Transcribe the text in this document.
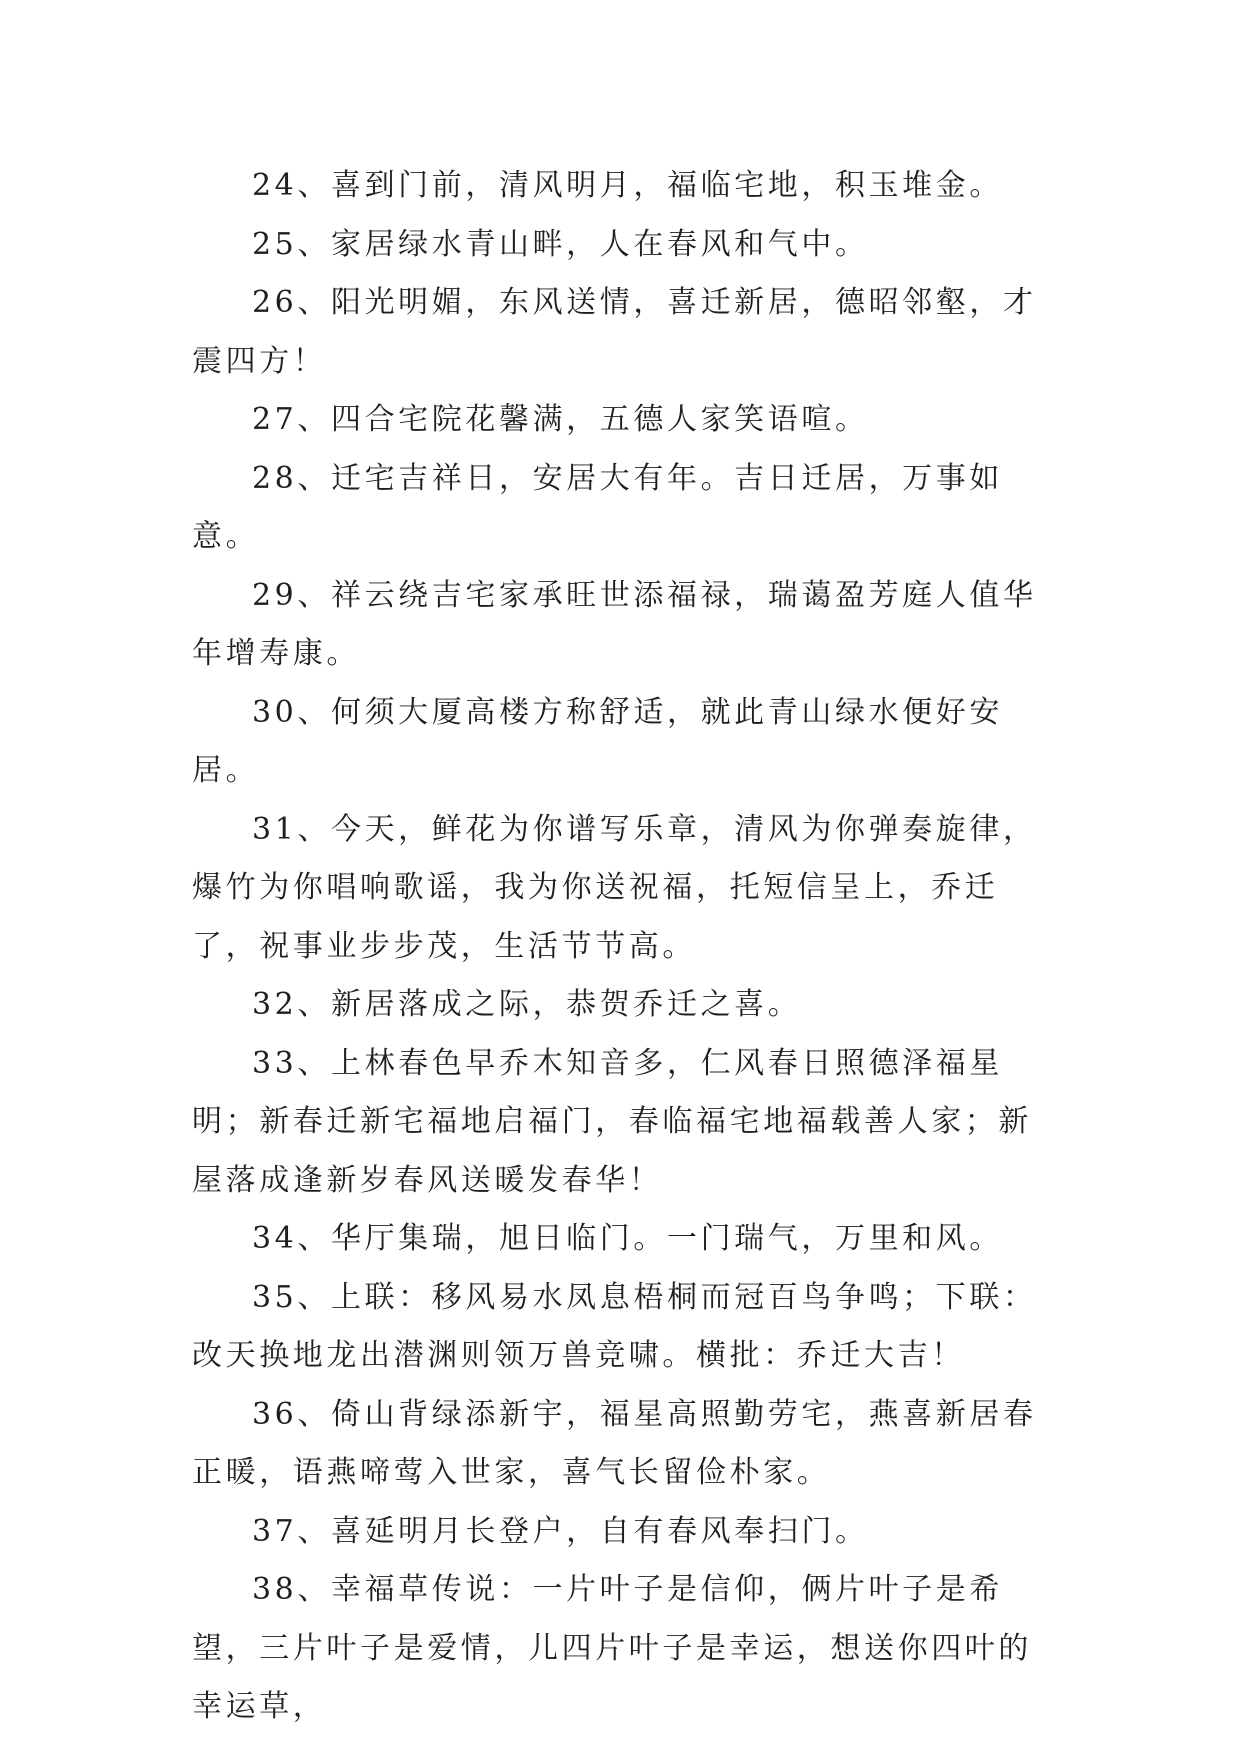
24、喜到门前，清风明月，福临宅地，积玉堆金。

25、家居绿水青山畔，人在春风和气中。

26、阳光明媚，东风送情，喜迁新居，德昭邻壑，才震四方！

27、四合宅院花馨满，五德人家笑语喧。

28、迁宅吉祥日，安居大有年。吉日迁居，万事如意。

29、祥云绕吉宅家承旺世添福禄，瑞蔼盈芳庭人值华年增寿康。

30、何须大厦高楼方称舒适，就此青山绿水便好安居。

31、今天，鲜花为你谱写乐章，清风为你弹奏旋律，爆竹为你唱响歌谣，我为你送祝福，托短信呈上，乔迁了，祝事业步步茂，生活节节高。

32、新居落成之际，恭贺乔迁之喜。

33、上林春色早乔木知音多，仁风春日照德泽福星明；新春迁新宅福地启福门，春临福宅地福载善人家；新屋落成逢新岁春风送暖发春华！

34、华厅集瑞，旭日临门。一门瑞气，万里和风。

35、上联：移风易水凤息梧桐而冠百鸟争鸣；下联：改天换地龙出潜渊则领万兽竞啸。横批：乔迁大吉！

36、倚山背绿添新宇，福星高照勤劳宅，燕喜新居春正暖，语燕啼莺入世家，喜气长留俭朴家。

37、喜延明月长登户，自有春风奉扫门。

38、幸福草传说：一片叶子是信仰，俩片叶子是希望，三片叶子是爱情，儿四片叶子是幸运，想送你四叶的幸运草，
